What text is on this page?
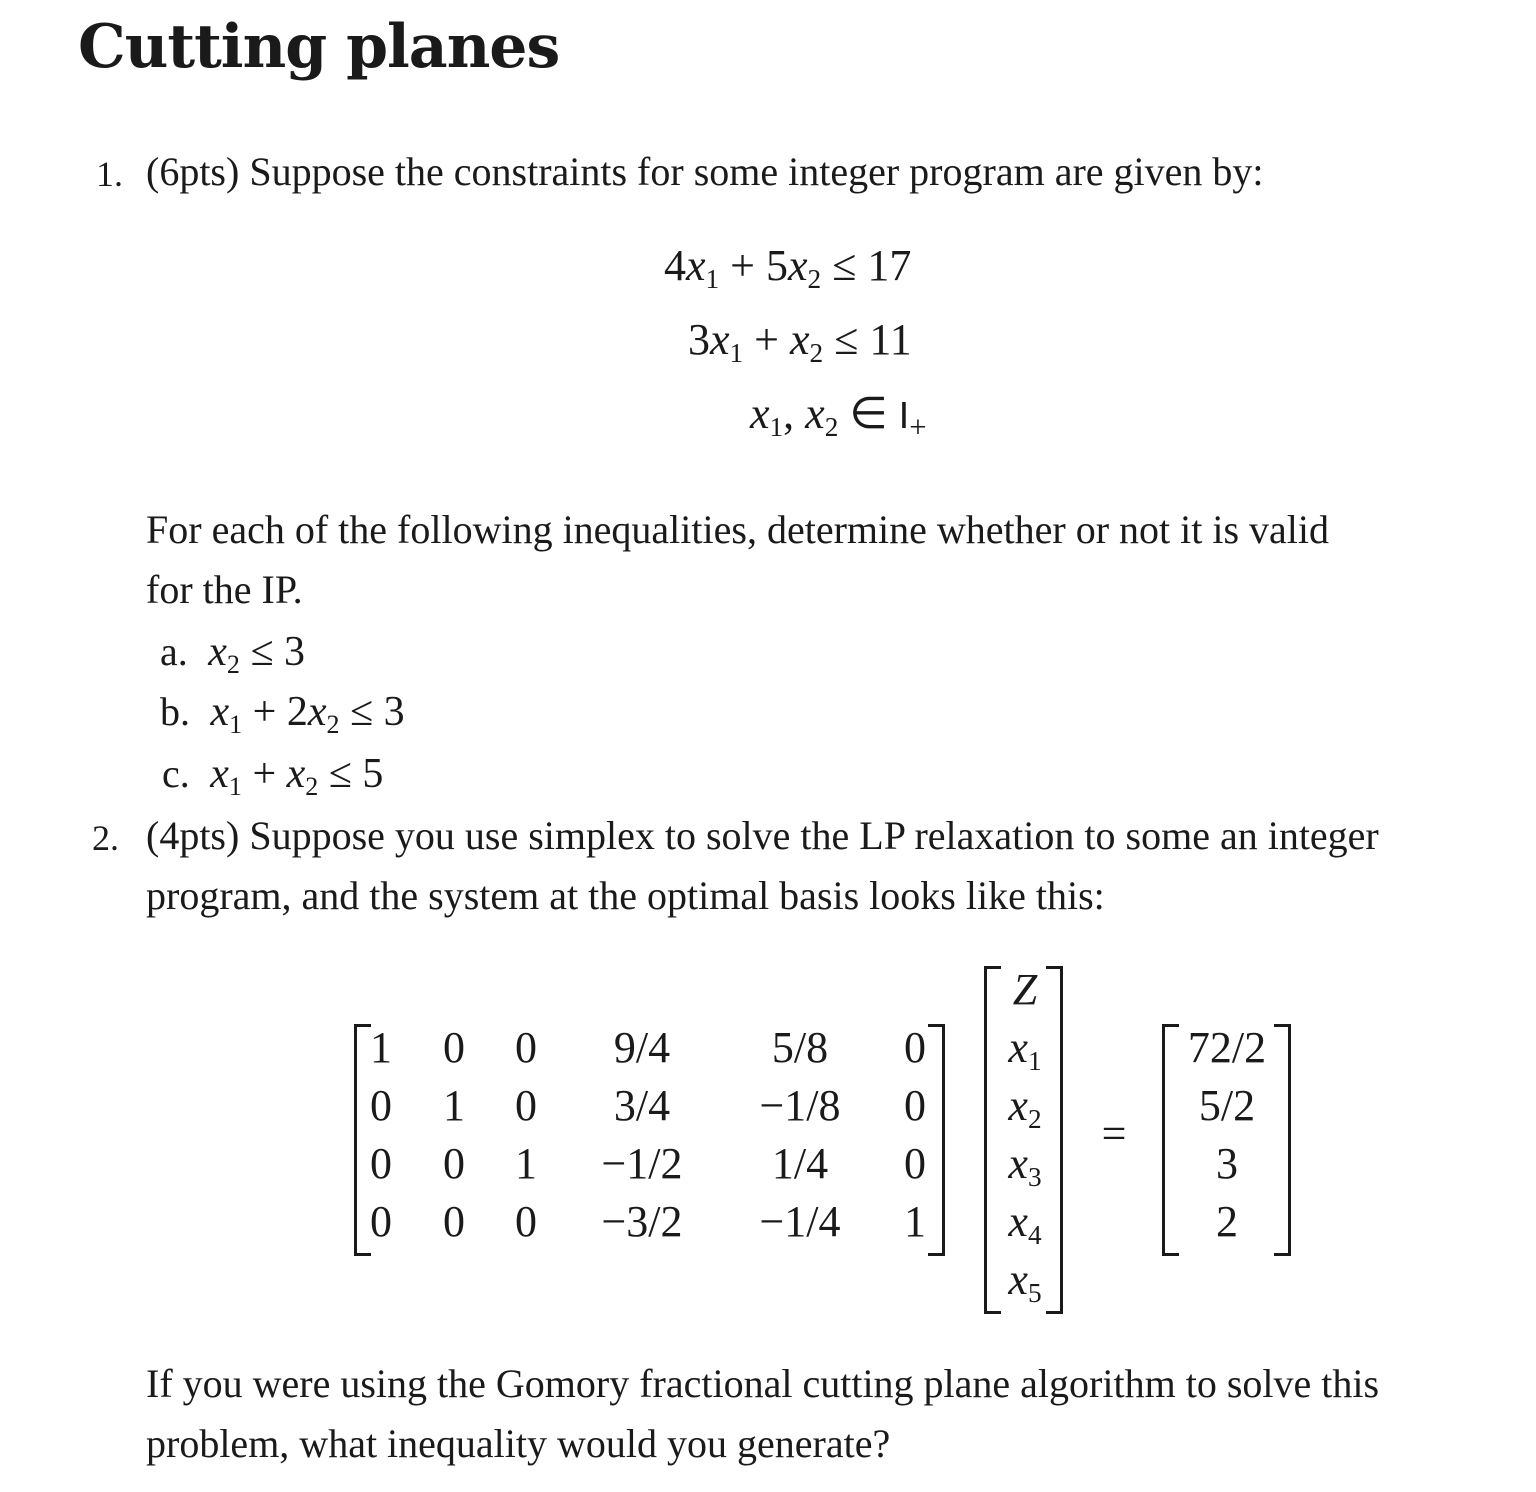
Cutting planes
1. (6pts) Suppose the constraints for some integer program are given by:
$4x_1 + 5x_2 \le 17$
$3x_1 + x_2 \le 11$
$x_1$, $x_2$ ∈ $I_+$
For each of the following inequalities, determine whether or not it is valid
for the IP.
a. $x_2 \le 3$
b. $x_1 + 2x_2 \le 3$
c. $x_1 + x_2 \le 5$
2. (4pts) Suppose you use simplex to solve the LP relaxation to some an integer
program, and the system at the optimal basis looks like this:
1 0 0 9/4 5/8 0
0 1 0 3/4 −1/8 0
0 0 1 −1/2 1/4 0
0 0 0 −3/2 −1/4 1
Z
$x_1$
$x_2$
$x_3$
$x_4$
$x_5$
=
72/2
5/2
3
2
If you were using the Gomory fractional cutting plane algorithm to solve this
problem, what inequality would you generate?
